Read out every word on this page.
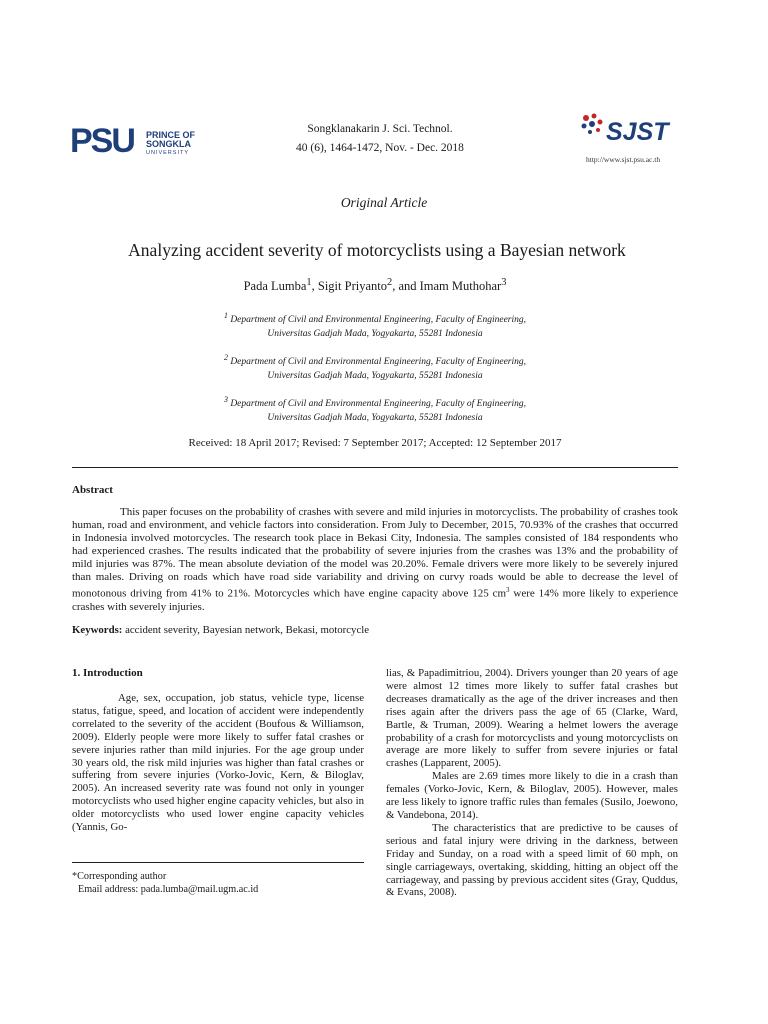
PSU PRINCE OF
SONGKLA
UNIVERSITY
Songklanakarin J. Sci. Technol.
40 (6), 1464-1472, Nov. - Dec. 2018
SJST
http://www.sjst.psu.ac.th
Original Article
Analyzing accident severity of motorcyclists using a Bayesian network
Pada Lumba$^1$, Sigit Priyanto$^2$, and Imam Muthohar$^3$
$^1$ Department of Civil and Environmental Engineering, Faculty of Engineering,
Universitas Gadjah Mada, Yogyakarta, 55281 Indonesia
$^2$ Department of Civil and Environmental Engineering, Faculty of Engineering,
Universitas Gadjah Mada, Yogyakarta, 55281 Indonesia
$^3$ Department of Civil and Environmental Engineering, Faculty of Engineering,
Universitas Gadjah Mada, Yogyakarta, 55281 Indonesia
Received: 18 April 2017; Revised: 7 September 2017; Accepted: 12 September 2017
Abstract
This paper focuses on the probability of crashes with severe and mild injuries in motorcyclists. The probability of crashes took human, road and environment, and vehicle factors into consideration. From July to December, 2015, 70.93% of the crashes that occurred in Indonesia involved motorcycles. The research took place in Bekasi City, Indonesia. The samples consisted of 184 respondents who had experienced crashes. The results indicated that the probability of severe injuries from the crashes was 13% and the probability of mild injuries was 87%. The mean absolute deviation of the model was 20.20%. Female drivers were more likely to be severely injured than males. Driving on roads which have road side variability and driving on curvy roads would be able to decrease the level of monotonous driving from 41% to 21%. Motorcycles which have engine capacity above 125 $cm^3$ were 14% more likely to experience crashes with severely injuries.
Keywords: accident severity, Bayesian network, Bekasi, motorcycle
1. Introduction

Age, sex, occupation, job status, vehicle type, license status, fatigue, speed, and location of accident were independently correlated to the severity of the accident (Boufous & Williamson, 2009). Elderly people were more likely to suffer fatal crashes or severe injuries rather than mild injuries. For the age group under 30 years old, the risk mild injuries was higher than fatal crashes or suffering from severe injuries (Vorko-Jovic, Kern, & Biloglav, 2005). An increased severity rate was found not only in younger motorcyclists who used higher engine capacity vehicles, but also in older motorcyclists who used lower engine capacity vehicles (Yannis, Go-

lias, & Papadimitriou, 2004). Drivers younger than 20 years of age were almost 12 times more likely to suffer fatal crashes but decreases dramatically as the age of the driver increases and then rises again after the drivers pass the age of 65 (Clarke, Ward, Bartle, & Truman, 2009). Wearing a helmet lowers the average probability of a crash for motorcyclists and young motorcyclists on average are more likely to suffer from severe injuries or fatal crashes (Lapparent, 2005).

Males are 2.69 times more likely to die in a crash than females (Vorko-Jovic, Kern, & Biloglav, 2005). However, males are less likely to ignore traffic rules than females (Susilo, Joewono, & Vandebona, 2014).

The characteristics that are predictive to be causes of serious and fatal injury were driving in the darkness, between Friday and Sunday, on a road with a speed limit of 60 mph, on single carriageways, overtaking, skidding, hitting an object off the carriageway, and passing by previous accident sites (Gray, Quddus, & Evans, 2008).

*Corresponding author
Email address: pada.lumba@mail.ugm.ac.id
